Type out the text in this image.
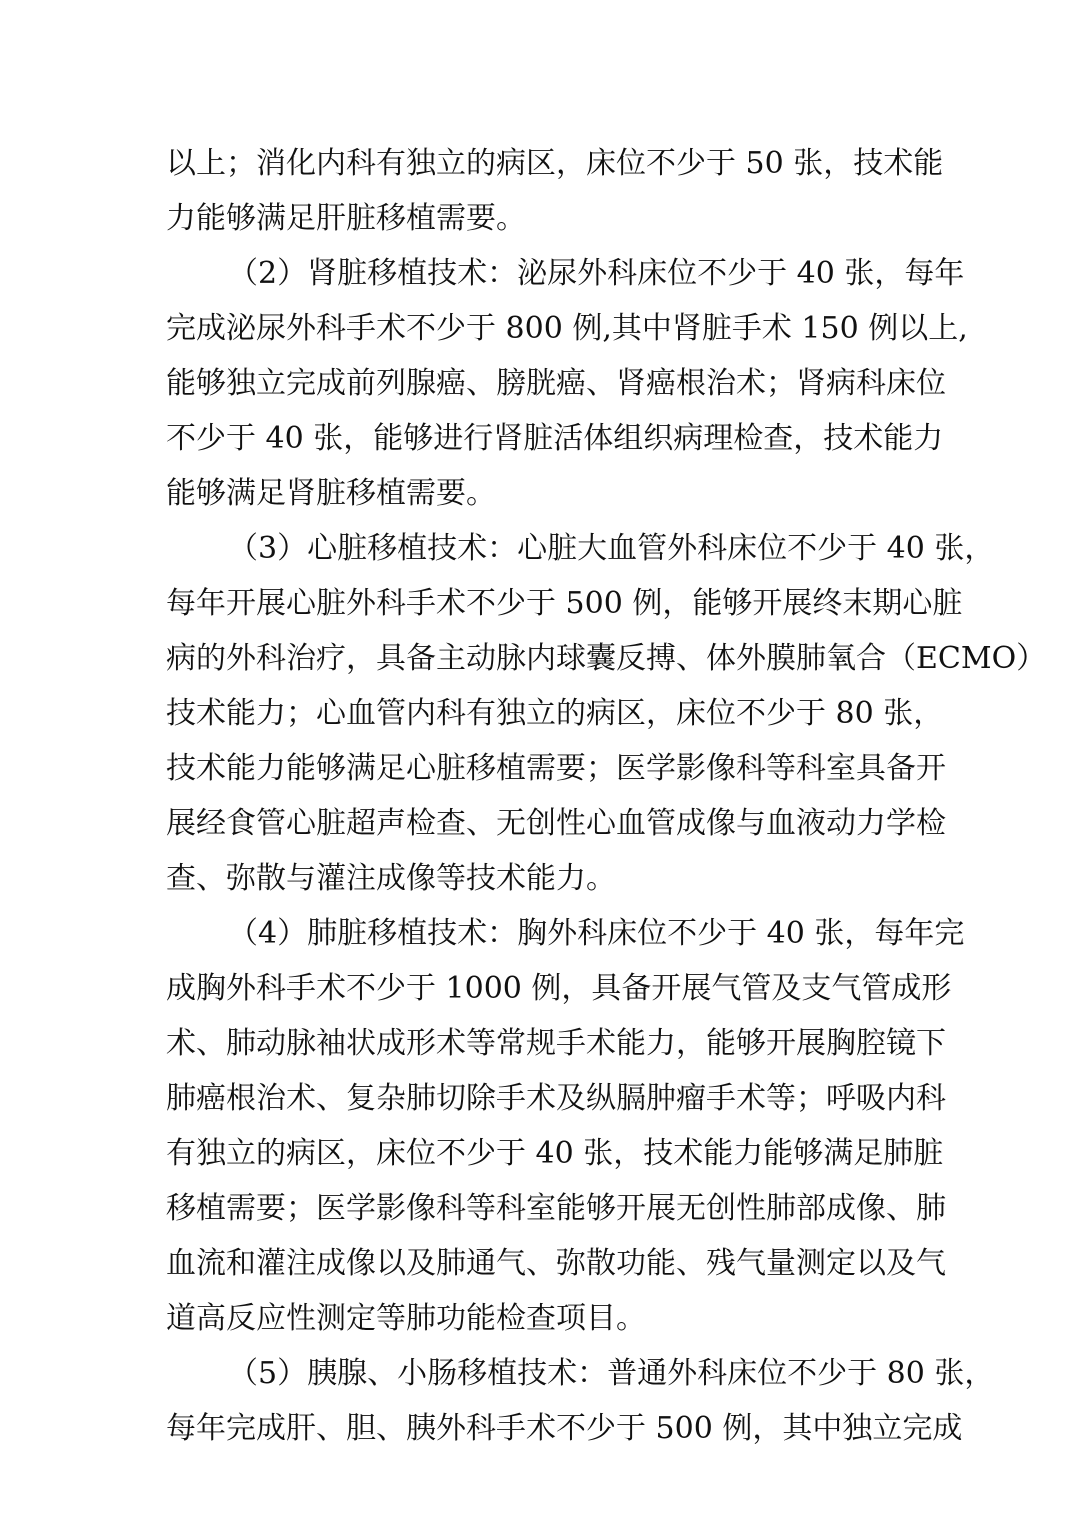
以上；消化内科有独立的病区，床位不少于 50 张，技术能
力能够满足肝脏移植需要。
（2）肾脏移植技术：泌尿外科床位不少于 40 张，每年
完成泌尿外科手术不少于 800 例,其中肾脏手术 150 例以上,
能够独立完成前列腺癌、膀胱癌、肾癌根治术；肾病科床位
不少于 40 张，能够进行肾脏活体组织病理检查，技术能力
能够满足肾脏移植需要。
（3）心脏移植技术：心脏大血管外科床位不少于 40 张，
每年开展心脏外科手术不少于 500 例，能够开展终末期心脏
病的外科治疗，具备主动脉内球囊反搏、体外膜肺氧合（ECMO）
技术能力；心血管内科有独立的病区，床位不少于 80 张，
技术能力能够满足心脏移植需要；医学影像科等科室具备开
展经食管心脏超声检查、无创性心血管成像与血液动力学检
查、弥散与灌注成像等技术能力。
（4）肺脏移植技术：胸外科床位不少于 40 张，每年完
成胸外科手术不少于 1000 例，具备开展气管及支气管成形
术、肺动脉袖状成形术等常规手术能力，能够开展胸腔镜下
肺癌根治术、复杂肺切除手术及纵膈肿瘤手术等；呼吸内科
有独立的病区，床位不少于 40 张，技术能力能够满足肺脏
移植需要；医学影像科等科室能够开展无创性肺部成像、肺
血流和灌注成像以及肺通气、弥散功能、残气量测定以及气
道高反应性测定等肺功能检查项目。
（5）胰腺、小肠移植技术：普通外科床位不少于 80 张，
每年完成肝、胆、胰外科手术不少于 500 例，其中独立完成
